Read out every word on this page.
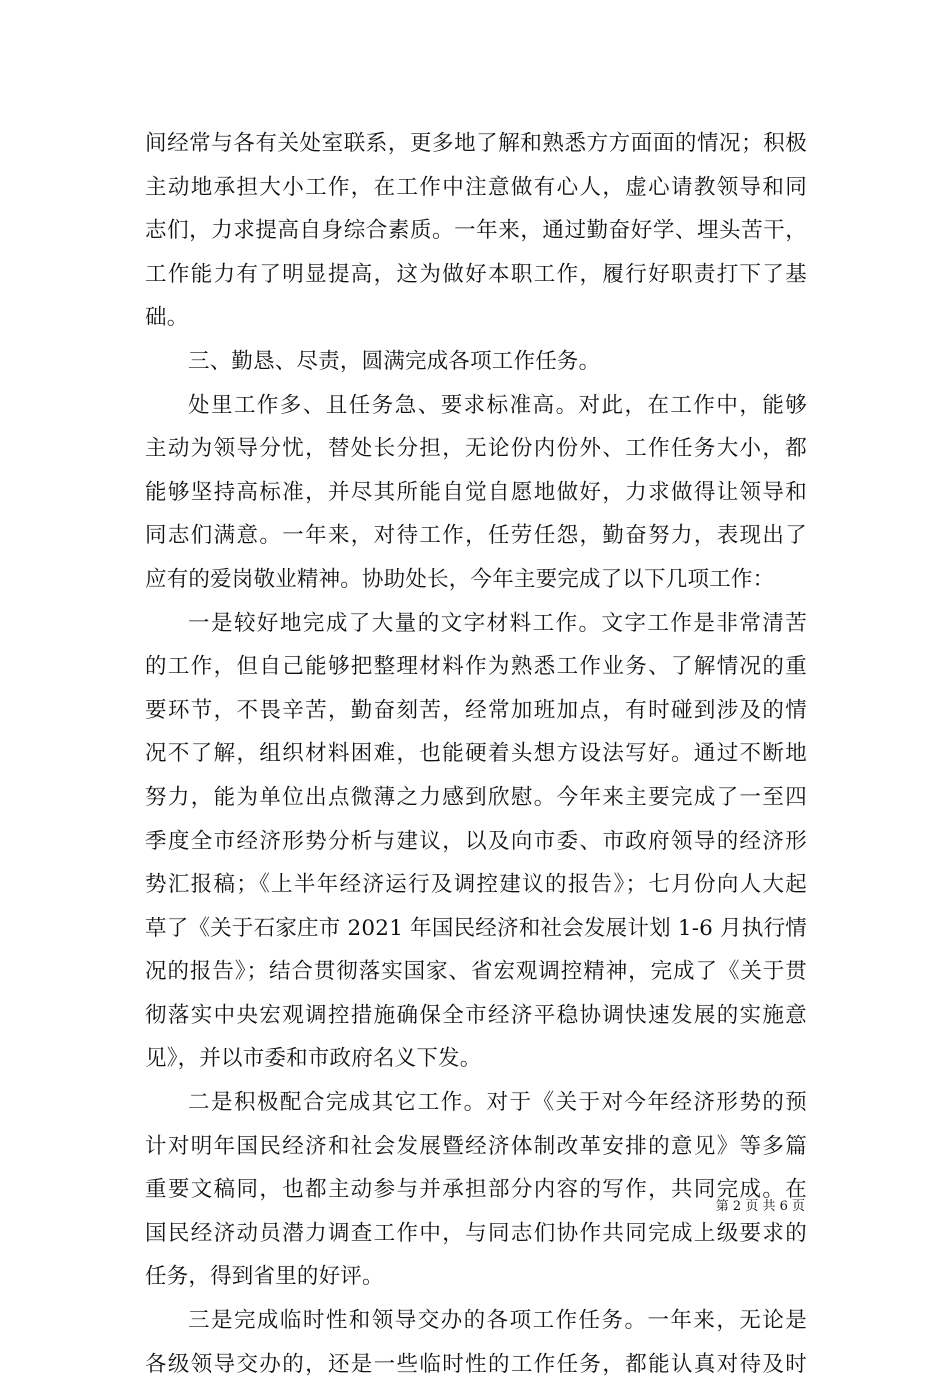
间经常与各有关处室联系，更多地了解和熟悉方方面面的情况；积极
主动地承担大小工作，在工作中注意做有心人，虚心请教领导和同
志们，力求提高自身综合素质。一年来，通过勤奋好学、埋头苦干，
工作能力有了明显提高，这为做好本职工作，履行好职责打下了基
础。
三、勤恳、尽责，圆满完成各项工作任务。
处里工作多、且任务急、要求标准高。对此，在工作中，能够
主动为领导分忧，替处长分担，无论份内份外、工作任务大小，都
能够坚持高标准，并尽其所能自觉自愿地做好，力求做得让领导和
同志们满意。一年来，对待工作，任劳任怨，勤奋努力，表现出了
应有的爱岗敬业精神。协助处长，今年主要完成了以下几项工作：
一是较好地完成了大量的文字材料工作。文字工作是非常清苦
的工作，但自己能够把整理材料作为熟悉工作业务、了解情况的重
要环节，不畏辛苦，勤奋刻苦，经常加班加点，有时碰到涉及的情
况不了解，组织材料困难，也能硬着头想方设法写好。通过不断地
努力，能为单位出点微薄之力感到欣慰。今年来主要完成了一至四
季度全市经济形势分析与建议，以及向市委、市政府领导的经济形
势汇报稿；《上半年经济运行及调控建议的报告》；七月份向人大起
草了《关于石家庄市 2021 年国民经济和社会发展计划 1-6 月执行情
况的报告》；结合贯彻落实国家、省宏观调控精神，完成了《关于贯
彻落实中央宏观调控措施确保全市经济平稳协调快速发展的实施意
见》，并以市委和市政府名义下发。
二是积极配合完成其它工作。对于《关于对今年经济形势的预
计对明年国民经济和社会发展暨经济体制改革安排的意见》等多篇
重要文稿同，也都主动参与并承担部分内容的写作，共同完成。在
国民经济动员潜力调查工作中，与同志们协作共同完成上级要求的
任务，得到省里的好评。
三是完成临时性和领导交办的各项工作任务。一年来，无论是
各级领导交办的，还是一些临时性的工作任务，都能认真对待及时
第 2 页 共 6 页
